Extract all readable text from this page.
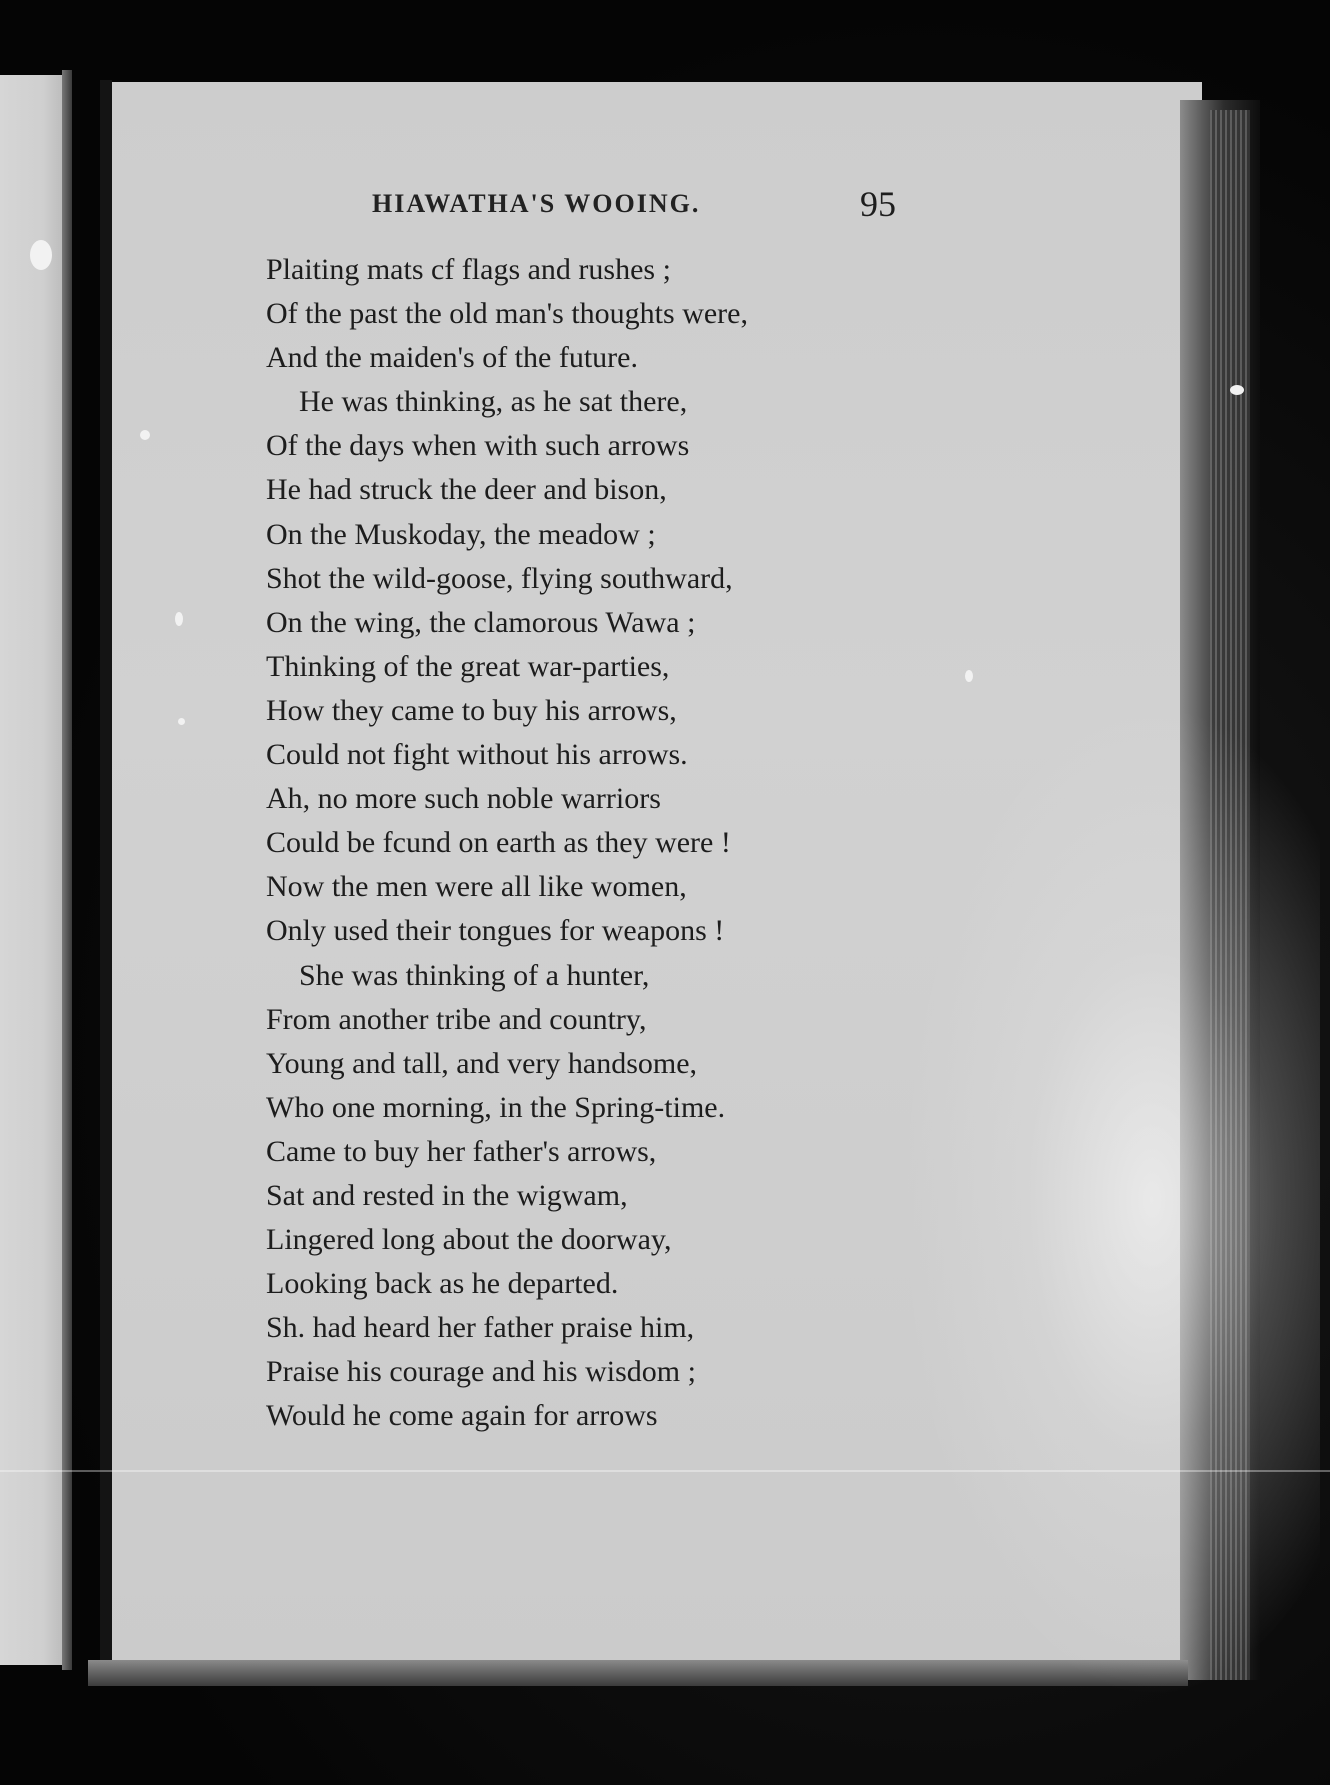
HIAWATHA'S WOOING.	95
Plaiting mats cf flags and rushes ;
Of the past the old man's thoughts were,
And the maiden's of the future.
He was thinking, as he sat there,
Of the days when with such arrows
He had struck the deer and bison,
On the Muskoday, the meadow ;
Shot the wild-goose, flying southward,
On the wing, the clamorous Wawa ;
Thinking of the great war-parties,
How they came to buy his arrows,
Could not fight without his arrows.
Ah, no more such noble warriors
Could be fcund on earth as they were !
Now the men were all like women,
Only used their tongues for weapons !
She was thinking of a hunter,
From another tribe and country,
Young and tall, and very handsome,
Who one morning, in the Spring-time.
Came to buy her father's arrows,
Sat and rested in the wigwam,
Lingered long about the doorway,
Looking back as he departed.
Sh. had heard her father praise him,
Praise his courage and his wisdom ;
Would he come again for arrows
